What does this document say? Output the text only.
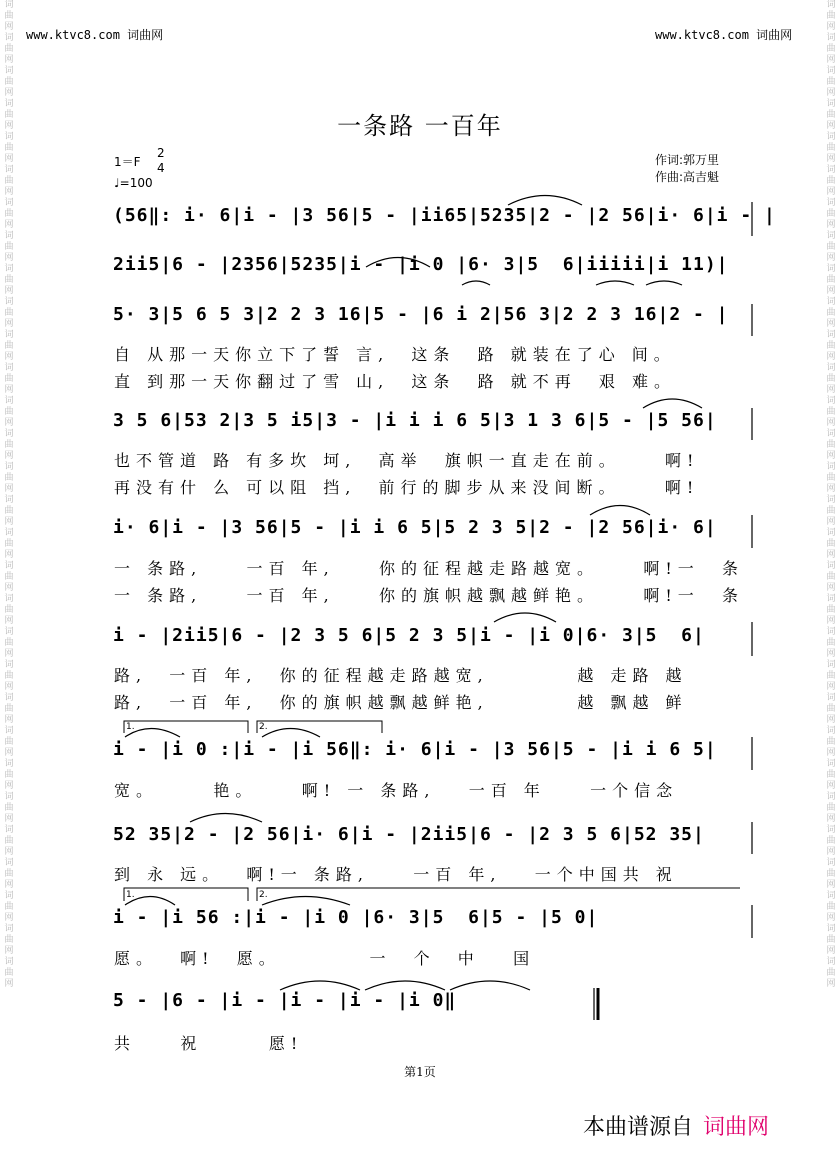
词曲网词曲网词曲网词曲网词曲网词曲网词曲网词曲网词曲网词曲网词曲网词曲网词曲网词曲网词曲网词曲网词曲网词曲网词曲网词曲网词曲网词曲网词曲网词曲网词曲网词曲网词曲网词曲网词曲网词曲网
词曲网词曲网词曲网词曲网词曲网词曲网词曲网词曲网词曲网词曲网词曲网词曲网词曲网词曲网词曲网词曲网词曲网词曲网词曲网词曲网词曲网词曲网词曲网词曲网词曲网词曲网词曲网词曲网词曲网词曲网
www.ktvc8.com 词曲网	www.ktvc8.com 词曲网
一条路 一百年
1＝F
2
4
♩=100
作词:郭万里
作曲:高吉魁
(56‖: i· 6|i - |3 56|5 - |ii65|5235|2 - |2 56|i· 6|i - |
2ii5|6 - |2356|5235|i - |i 0 |6· 3|5  6|iiiii|i 11)|
5· 3|5 6 5 3|2 2 3 16|5 - |6 i 2|56 3|2 2 3 16|2 - |
自 从那一天你立下了誓 言,  这条  路 就装在了心 间。
直 到那一天你翻过了雪 山,  这条  路 就不再  艰 难。
3 5 6|53 2|3 5 i5|3 - |i i i 6 5|3 1 3 6|5 - |5 56|
也不管道 路 有多坎 坷,  高举  旗帜一直走在前。    啊!
再没有什 么 可以阻 挡,  前行的脚步从来没间断。    啊!
i· 6|i - |3 56|5 - |i i 6 5|5 2 3 5|2 - |2 56|i· 6|
一 条路,    一百 年,    你的征程越走路越宽。    啊!一  条
一 条路,    一百 年,    你的旗帜越飘越鲜艳。    啊!一  条
i - |2ii5|6 - |2 3 5 6|5 2 3 5|i - |i 0|6· 3|5  6|
路,  一百 年,  你的征程越走路越宽,        越 走路 越
路,  一百 年,  你的旗帜越飘越鲜艳,        越 飘越 鲜
i - |i 0 :|i - |i 56‖: i· 6|i - |3 56|5 - |i i 6 5|
宽。     艳。    啊! 一 条路,   一百 年    一个信念
52 35|2 - |2 56|i· 6|i - |2ii5|6 - |2 3 5 6|52 35|
到 永 远。  啊!一 条路,    一百 年,   一个中国共 祝
i - |i 56 :|i - |i 0 |6· 3|5  6|5 - |5 0|
愿。  啊!  愿。        一  个  中   国
5 - |6 - |i - |i - |i - |i 0‖
共    祝      愿!
1.	2.
1.	2.
第1页
本曲谱源自 词曲网
